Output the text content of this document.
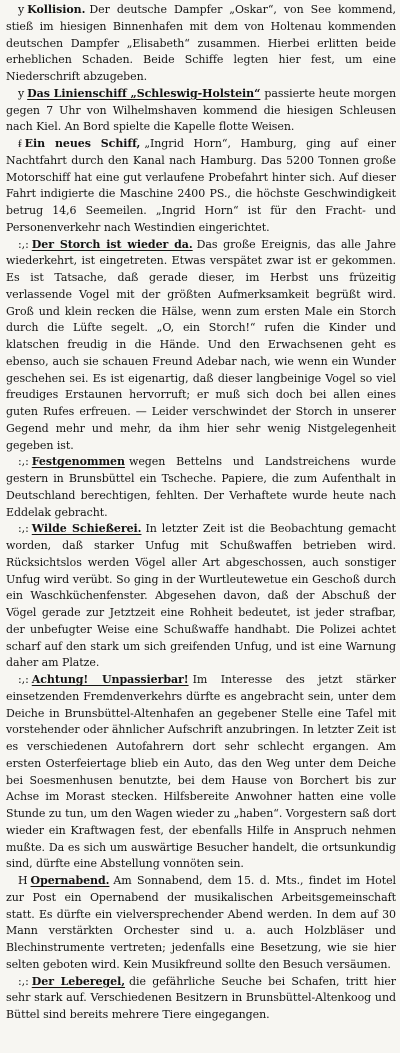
y Kollision. Der deutsche Dampfer „Oskar“, von See kommend, stieß im hiesigen Binnenhafen mit dem von Holtenau kommenden deutschen Dampfer „Elisabeth“ zusammen. Hierbei erlitten beide erheblichen Schaden. Beide Schiffe legten hier fest, um eine Niederschrift abzugeben.

y Das Linienschiff „Schleswig-Holstein“ passierte heute morgen gegen 7 Uhr von Wilhelmshaven kommend die hiesigen Schleusen nach Kiel. An Bord spielte die Kapelle flotte Weisen.

ᵮ Ein neues Schiff, „Ingrid Horn“, Hamburg, ging auf einer Nachtfahrt durch den Kanal nach Hamburg. Das 5200 Tonnen große Motorschiff hat eine gut verlaufene Probefahrt hinter sich. Auf dieser Fahrt indigierte die Maschine 2400 PS., die höchste Geschwindigkeit betrug 14,6 Seemeilen. „Ingrid Horn“ ist für den Fracht- und Personenverkehr nach Westindien eingerichtet.

:,: Der Storch ist wieder da. Das große Ereignis, das alle Jahre wiederkehrt, ist eingetreten. Etwas verspätet zwar ist er gekommen. Es ist Tatsache, daß gerade dieser, im Herbst uns früzeitig verlassende Vogel mit der größten Aufmerksamkeit begrüßt wird. Groß und klein recken die Hälse, wenn zum ersten Male ein Storch durch die Lüfte segelt. „O, ein Storch!“ rufen die Kinder und klatschen freudig in die Hände. Und den Erwachsenen geht es ebenso, auch sie schauen Freund Adebar nach, wie wenn ein Wunder geschehen sei. Es ist eigenartig, daß dieser langbeinige Vogel so viel freudiges Erstaunen hervorruft; er muß sich doch bei allen eines guten Rufes erfreuen. — Leider verschwindet der Storch in unserer Gegend mehr und mehr, da ihm hier sehr wenig Nistgelegenheit gegeben ist.

:,: Festgenommen wegen Bettelns und Landstreichens wurde gestern in Brunsbüttel ein Tscheche. Papiere, die zum Aufenthalt in Deutschland berechtigen, fehlten. Der Verhaftete wurde heute nach Eddelak gebracht.

:,: Wilde Schießerei. In letzter Zeit ist die Beobachtung gemacht worden, daß starker Unfug mit Schußwaffen betrieben wird. Rücksichtslos werden Vögel aller Art abgeschossen, auch sonstiger Unfug wird verübt. So ging in der Wurtleutewetue ein Geschoß durch ein Waschküchenfenster. Abgesehen davon, daß der Abschuß der Vögel gerade zur Jetztzeit eine Rohheit bedeutet, ist jeder strafbar, der unbefugter Weise eine Schußwaffe handhabt. Die Polizei achtet scharf auf den stark um sich greifenden Unfug, und ist eine Warnung daher am Platze.

:,: Achtung! Unpassierbar! Im Interesse des jetzt stärker einsetzenden Fremdenverkehrs dürfte es angebracht sein, unter dem Deiche in Brunsbüttel-Altenhafen an gegebener Stelle eine Tafel mit vorstehender oder ähnlicher Aufschrift anzubringen. In letzter Zeit ist es verschiedenen Autofahrern dort sehr schlecht ergangen. Am ersten Osterfeiertage blieb ein Auto, das den Weg unter dem Deiche bei Soesmenhusen benutzte, bei dem Hause von Borchert bis zur Achse im Morast stecken. Hilfsbereite Anwohner hatten eine volle Stunde zu tun, um den Wagen wieder zu „haben“. Vorgestern saß dort wieder ein Kraftwagen fest, der ebenfalls Hilfe in Anspruch nehmen mußte. Da es sich um auswärtige Besucher handelt, die ortsunkundig sind, dürfte eine Abstellung vonnöten sein.

H Opernabend. Am Sonnabend, dem 15. d. Mts., findet im Hotel zur Post ein Opernabend der musikalischen Arbeitsgemeinschaft statt. Es dürfte ein vielversprechender Abend werden. In dem auf 30 Mann verstärkten Orchester sind u. a. auch Holzbläser und Blechinstrumente vertreten; jedenfalls eine Besetzung, wie sie hier selten geboten wird. Kein Musikfreund sollte den Besuch versäumen.

:,: Der Leberegel, die gefährliche Seuche bei Schafen, tritt hier sehr stark auf. Verschiedenen Besitzern in Brunsbüttel-Altenkoog und Büttel sind bereits mehrere Tiere eingegangen.
